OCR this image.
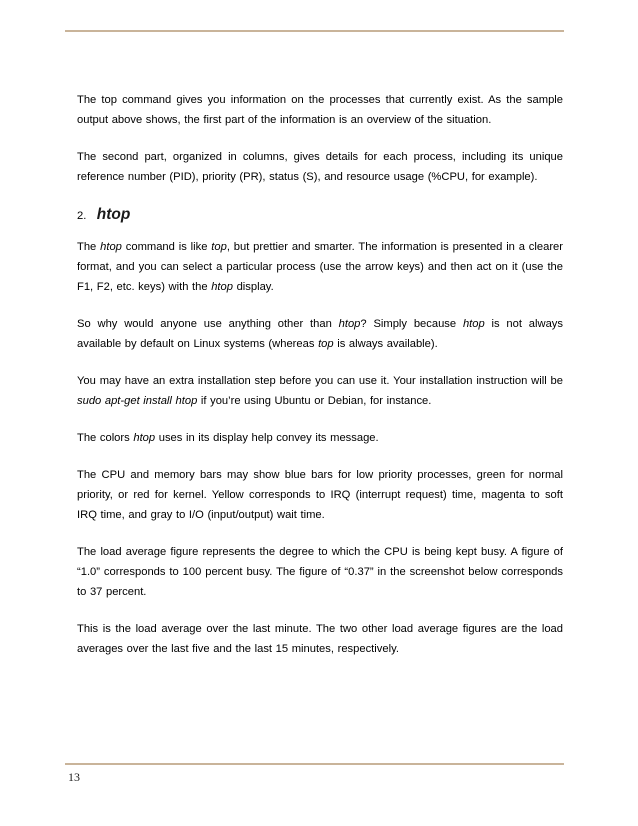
The top command gives you information on the processes that currently exist. As the sample output above shows, the first part of the information is an overview of the situation.

The second part, organized in columns, gives details for each process, including its unique reference number (PID), priority (PR), status (S), and resource usage (%CPU, for example).

2. htop

The htop command is like top, but prettier and smarter. The information is presented in a clearer format, and you can select a particular process (use the arrow keys) and then act on it (use the F1, F2, etc. keys) with the htop display.

So why would anyone use anything other than htop? Simply because htop is not always available by default on Linux systems (whereas top is always available).

You may have an extra installation step before you can use it. Your installation instruction will be sudo apt-get install htop if you’re using Ubuntu or Debian, for instance.

The colors htop uses in its display help convey its message.

The CPU and memory bars may show blue bars for low priority processes, green for normal priority, or red for kernel. Yellow corresponds to IRQ (interrupt request) time, magenta to soft IRQ time, and gray to I/O (input/output) wait time.

The load average figure represents the degree to which the CPU is being kept busy. A figure of “1.0” corresponds to 100 percent busy. The figure of “0.37” in the screenshot below corresponds to 37 percent.

This is the load average over the last minute. The two other load average figures are the load averages over the last five and the last 15 minutes, respectively.

13
